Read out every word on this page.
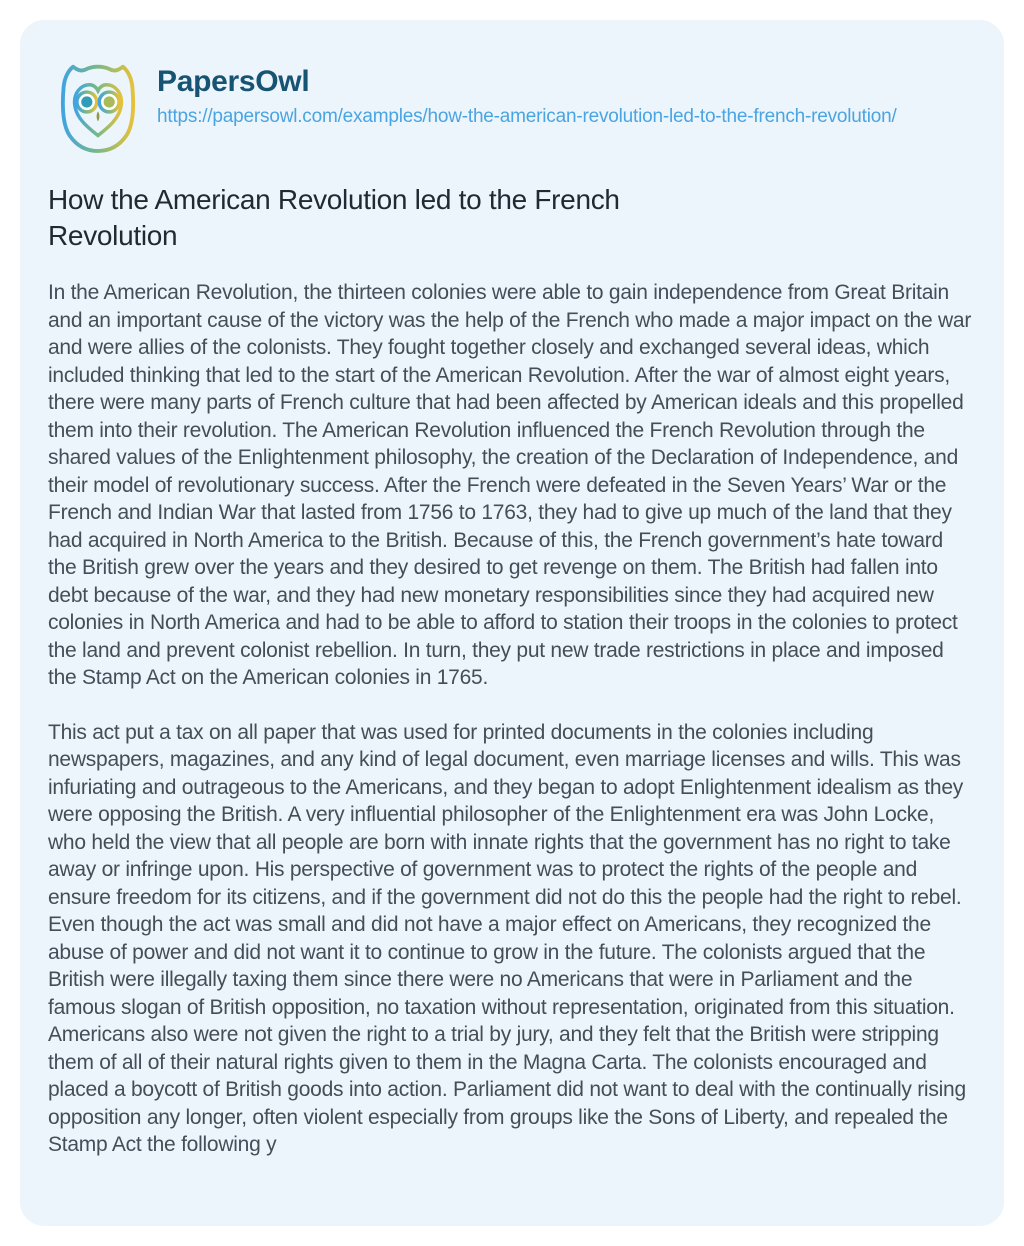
PapersOwl
https://papersowl.com/examples/how-the-american-revolution-led-to-the-french-revolution/
How the American Revolution led to the French Revolution

In the American Revolution, the thirteen colonies were able to gain independence from Great Britain and an important cause of the victory was the help of the French who made a major impact on the war and were allies of the colonists. They fought together closely and exchanged several ideas, which included thinking that led to the start of the American Revolution. After the war of almost eight years, there were many parts of French culture that had been affected by American ideals and this propelled them into their revolution. The American Revolution influenced the French Revolution through the shared values of the Enlightenment philosophy, the creation of the Declaration of Independence, and their model of revolutionary success. After the French were defeated in the Seven Years’ War or the French and Indian War that lasted from 1756 to 1763, they had to give up much of the land that they had acquired in North America to the British. Because of this, the French government’s hate toward the British grew over the years and they desired to get revenge on them. The British had fallen into debt because of the war, and they had new monetary responsibilities since they had acquired new colonies in North America and had to be able to afford to station their troops in the colonies to protect the land and prevent colonist rebellion. In turn, they put new trade restrictions in place and imposed the Stamp Act on the American colonies in 1765.

This act put a tax on all paper that was used for printed documents in the colonies including newspapers, magazines, and any kind of legal document, even marriage licenses and wills. This was infuriating and outrageous to the Americans, and they began to adopt Enlightenment idealism as they were opposing the British. A very influential philosopher of the Enlightenment era was John Locke, who held the view that all people are born with innate rights that the government has no right to take away or infringe upon. His perspective of government was to protect the rights of the people and ensure freedom for its citizens, and if the government did not do this the people had the right to rebel. Even though the act was small and did not have a major effect on Americans, they recognized the abuse of power and did not want it to continue to grow in the future. The colonists argued that the British were illegally taxing them since there were no Americans that were in Parliament and the famous slogan of British opposition, no taxation without representation, originated from this situation. Americans also were not given the right to a trial by jury, and they felt that the British were stripping them of all of their natural rights given to them in the Magna Carta. The colonists encouraged and placed a boycott of British goods into action. Parliament did not want to deal with the continually rising opposition any longer, often violent especially from groups like the Sons of Liberty, and repealed the Stamp Act the following y
